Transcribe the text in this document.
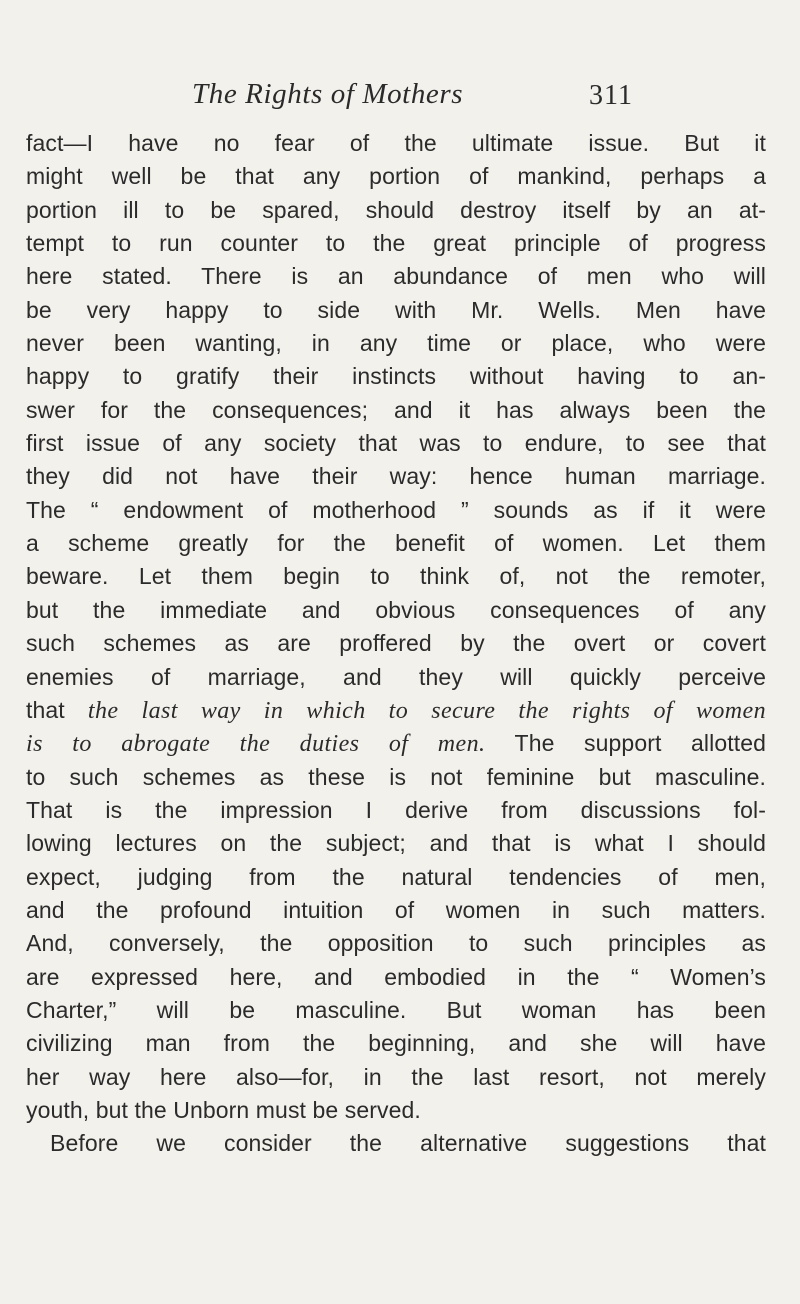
The Rights of Mothers	311
fact—I have no fear of the ultimate issue. But it
might well be that any portion of mankind, perhaps a
portion ill to be spared, should destroy itself by an at-
tempt to run counter to the great principle of progress
here stated. There is an abundance of men who will
be very happy to side with Mr. Wells. Men have
never been wanting, in any time or place, who were
happy to gratify their instincts without having to an-
swer for the consequences; and it has always been the
first issue of any society that was to endure, to see that
they did not have their way: hence human marriage.
The “ endowment of motherhood ” sounds as if it were
a scheme greatly for the benefit of women. Let them
beware. Let them begin to think of, not the remoter,
but the immediate and obvious consequences of any
such schemes as are proffered by the overt or covert
enemies of marriage, and they will quickly perceive
that the last way in which to secure the rights of women
is to abrogate the duties of men. The support allotted
to such schemes as these is not feminine but masculine.
That is the impression I derive from discussions fol-
lowing lectures on the subject; and that is what I should
expect, judging from the natural tendencies of men,
and the profound intuition of women in such matters.
And, conversely, the opposition to such principles as
are expressed here, and embodied in the “ Women’s
Charter,” will be masculine. But woman has been
civilizing man from the beginning, and she will have
her way here also—for, in the last resort, not merely
youth, but the Unborn must be served.
Before we consider the alternative suggestions that
